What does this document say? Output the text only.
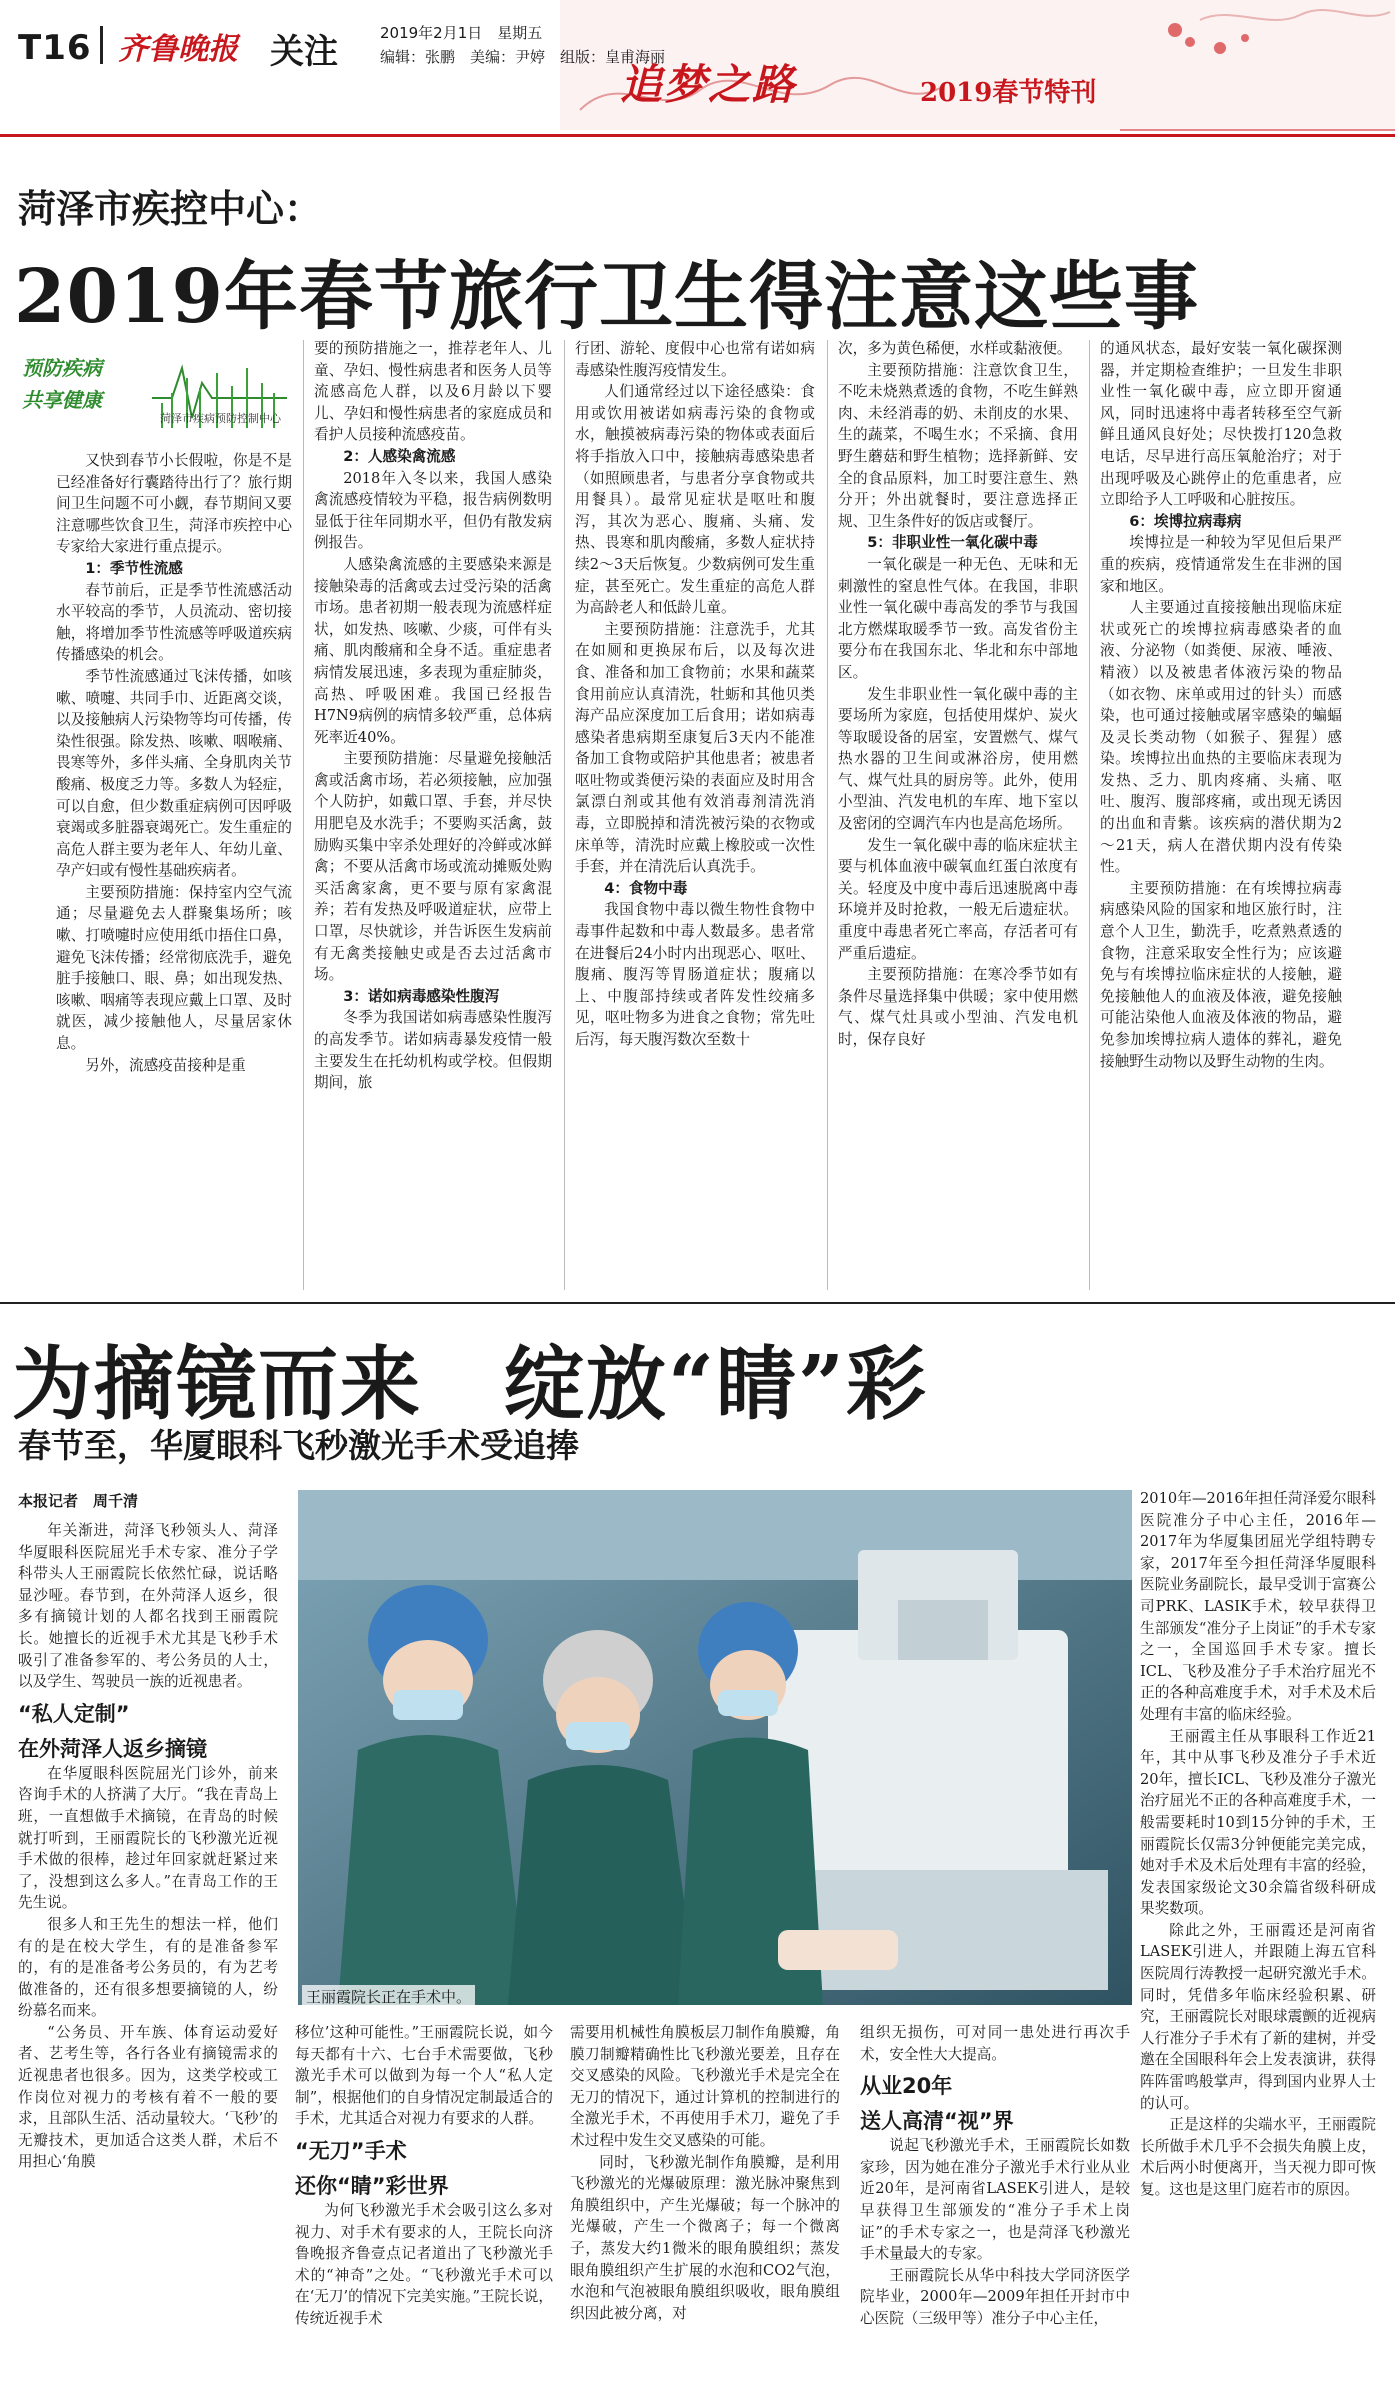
T16 齐鲁晚报 关注	2019年2月1日　星期五
编辑：张鹏　美编：尹婷　组版：皇甫海丽
追梦之路	2019春节特刊
菏泽市疾控中心：
2019年春节旅行卫生得注意这些事
预防疾病
共享健康
菏泽市疾病预防控制中心

又快到春节小长假啦，你是不是已经准备好行囊踏待出行了？旅行期间卫生问题不可小觑，春节期间又要注意哪些饮食卫生，菏泽市疾控中心专家给大家进行重点提示。

1：季节性流感

春节前后，正是季节性流感活动水平较高的季节，人员流动、密切接触，将增加季节性流感等呼吸道疾病传播感染的机会。

季节性流感通过飞沫传播，如咳嗽、喷嚏、共同手巾、近距离交谈，以及接触病人污染物等均可传播，传染性很强。除发热、咳嗽、咽喉痛、畏寒等外，多伴头痛、全身肌肉关节酸痛、极度乏力等。多数人为轻症，可以自愈，但少数重症病例可因呼吸衰竭或多脏器衰竭死亡。发生重症的高危人群主要为老年人、年幼儿童、孕产妇或有慢性基础疾病者。

主要预防措施：保持室内空气流通；尽量避免去人群聚集场所；咳嗽、打喷嚏时应使用纸巾捂住口鼻，避免飞沫传播；经常彻底洗手，避免脏手接触口、眼、鼻；如出现发热、咳嗽、咽痛等表现应戴上口罩、及时就医，减少接触他人，尽量居家休息。

另外，流感疫苗接种是重

要的预防措施之一，推荐老年人、儿童、孕妇、慢性病患者和医务人员等流感高危人群，以及6月龄以下婴儿、孕妇和慢性病患者的家庭成员和看护人员接种流感疫苗。

2：人感染禽流感

2018年入冬以来，我国人感染禽流感疫情较为平稳，报告病例数明显低于往年同期水平，但仍有散发病例报告。

人感染禽流感的主要感染来源是接触染毒的活禽或去过受污染的活禽市场。患者初期一般表现为流感样症状，如发热、咳嗽、少痰，可伴有头痛、肌肉酸痛和全身不适。重症患者病情发展迅速，多表现为重症肺炎，高热、呼吸困难。我国已经报告H7N9病例的病情多较严重，总体病死率近40%。

主要预防措施：尽量避免接触活禽或活禽市场，若必须接触，应加强个人防护，如戴口罩、手套，并尽快用肥皂及水洗手；不要购买活禽，鼓励购买集中宰杀处理好的冷鲜或冰鲜禽；不要从活禽市场或流动摊贩处购买活禽家禽，更不要与原有家禽混养；若有发热及呼吸道症状，应带上口罩，尽快就诊，并告诉医生发病前有无禽类接触史或是否去过活禽市场。

3：诺如病毒感染性腹泻

冬季为我国诺如病毒感染性腹泻的高发季节。诺如病毒暴发疫情一般主要发生在托幼机构或学校。但假期期间，旅

行团、游轮、度假中心也常有诺如病毒感染性腹泻疫情发生。

人们通常经过以下途径感染：食用或饮用被诺如病毒污染的食物或水，触摸被病毒污染的物体或表面后将手指放入口中，接触病毒感染患者（如照顾患者，与患者分享食物或共用餐具）。最常见症状是呕吐和腹泻，其次为恶心、腹痛、头痛、发热、畏寒和肌肉酸痛，多数人症状持续2～3天后恢复。少数病例可发生重症，甚至死亡。发生重症的高危人群为高龄老人和低龄儿童。

主要预防措施：注意洗手，尤其在如厕和更换尿布后，以及每次进食、准备和加工食物前；水果和蔬菜食用前应认真清洗，牡蛎和其他贝类海产品应深度加工后食用；诺如病毒感染者患病期至康复后3天内不能准备加工食物或陪护其他患者；被患者呕吐物或粪便污染的表面应及时用含氯漂白剂或其他有效消毒剂清洗消毒，立即脱掉和清洗被污染的衣物或床单等，清洗时应戴上橡胶或一次性手套，并在清洗后认真洗手。

4：食物中毒

我国食物中毒以微生物性食物中毒事件起数和中毒人数最多。患者常在进餐后24小时内出现恶心、呕吐、腹痛、腹泻等胃肠道症状；腹痛以上、中腹部持续或者阵发性绞痛多见，呕吐物多为进食之食物；常先吐后泻，每天腹泻数次至数十

次，多为黄色稀便，水样或黏液便。

主要预防措施：注意饮食卫生，不吃未烧熟煮透的食物，不吃生鲜熟肉、未经消毒的奶、未削皮的水果、生的蔬菜，不喝生水；不采摘、食用野生蘑菇和野生植物；选择新鲜、安全的食品原料，加工时要注意生、熟分开；外出就餐时，要注意选择正规、卫生条件好的饭店或餐厅。

5：非职业性一氧化碳中毒

一氧化碳是一种无色、无味和无刺激性的窒息性气体。在我国，非职业性一氧化碳中毒高发的季节与我国北方燃煤取暖季节一致。高发省份主要分布在我国东北、华北和东中部地区。

发生非职业性一氧化碳中毒的主要场所为家庭，包括使用煤炉、炭火等取暖设备的居室，安置燃气、煤气热水器的卫生间或淋浴房，使用燃气、煤气灶具的厨房等。此外，使用小型油、汽发电机的车库、地下室以及密闭的空调汽车内也是高危场所。

发生一氧化碳中毒的临床症状主要与机体血液中碳氧血红蛋白浓度有关。轻度及中度中毒后迅速脱离中毒环境并及时抢救，一般无后遗症状。重度中毒患者死亡率高，存活者可有严重后遗症。

主要预防措施：在寒冷季节如有条件尽量选择集中供暖；家中使用燃气、煤气灶具或小型油、汽发电机时，保存良好

的通风状态，最好安装一氧化碳探测器，并定期检查维护；一旦发生非职业性一氧化碳中毒，应立即开窗通风，同时迅速将中毒者转移至空气新鲜且通风良好处；尽快拨打120急救电话，尽早进行高压氧舱治疗；对于出现呼吸及心跳停止的危重患者，应立即给予人工呼吸和心脏按压。

6：埃博拉病毒病

埃博拉是一种较为罕见但后果严重的疾病，疫情通常发生在非洲的国家和地区。

人主要通过直接接触出现临床症状或死亡的埃博拉病毒感染者的血液、分泌物（如粪便、尿液、唾液、精液）以及被患者体液污染的物品（如衣物、床单或用过的针头）而感染，也可通过接触或屠宰感染的蝙蝠及灵长类动物（如猴子、猩猩）感染。埃博拉出血热的主要临床表现为发热、乏力、肌肉疼痛、头痛、呕吐、腹泻、腹部疼痛，或出现无诱因的出血和青紫。该疾病的潜伏期为2～21天，病人在潜伏期内没有传染性。

主要预防措施：在有埃博拉病毒病感染风险的国家和地区旅行时，注意个人卫生，勤洗手，吃煮熟煮透的食物，注意采取安全性行为；应该避免与有埃博拉临床症状的人接触，避免接触他人的血液及体液，避免接触可能沾染他人血液及体液的物品，避免参加埃博拉病人遗体的葬礼，避免接触野生动物以及野生动物的生肉。

为摘镜而来　绽放“睛”彩
春节至，华厦眼科飞秒激光手术受追捧
本报记者　周千清
王丽霞院长正在手术中。

年关渐进，菏泽飞秒领头人、菏泽华厦眼科医院屈光手术专家、准分子学科带头人王丽霞院长依然忙碌，说话略显沙哑。春节到，在外菏泽人返乡，很多有摘镜计划的人都名找到王丽霞院长。她擅长的近视手术尤其是飞秒手术吸引了准备参军的、考公务员的人士，以及学生、驾驶员一族的近视患者。

“私人定制”
在外菏泽人返乡摘镜

在华厦眼科医院屈光门诊外，前来咨询手术的人挤满了大厅。“我在青岛上班，一直想做手术摘镜，在青岛的时候就打听到，王丽霞院长的飞秒激光近视手术做的很棒，趁过年回家就赶紧过来了，没想到这么多人。”在青岛工作的王先生说。

很多人和王先生的想法一样，他们有的是在校大学生，有的是准备参军的，有的是准备考公务员的，有为艺考做准备的，还有很多想要摘镜的人，纷纷慕名而来。

“公务员、开车族、体育运动爱好者、艺考生等，各行各业有摘镜需求的近视患者也很多。因为，这类学校或工作岗位对视力的考核有着不一般的要求，且部队生活、活动量较大。‘飞秒’的无瓣技术，更加适合这类人群，术后不用担心‘角膜

移位’这种可能性。”王丽霞院长说，如今每天都有十六、七台手术需要做，飞秒激光手术可以做到为每一个人“私人定制”，根据他们的自身情况定制最适合的手术，尤其适合对视力有要求的人群。

“无刀”手术
还你“睛”彩世界

为何飞秒激光手术会吸引这么多对视力、对手术有要求的人，王院长向济鲁晚报齐鲁壹点记者道出了飞秒激光手术的“神奇”之处。“飞秒激光手术可以在‘无刀’的情况下完美实施。”王院长说，传统近视手术

需要用机械性角膜板层刀制作角膜瓣，角膜刀制瓣精确性比飞秒激光要差，且存在交叉感染的风险。飞秒激光手术是完全在无刀的情况下，通过计算机的控制进行的全激光手术，不再使用手术刀，避免了手术过程中发生交叉感染的可能。

同时，飞秒激光制作角膜瓣，是利用飞秒激光的光爆破原理：激光脉冲聚焦到角膜组织中，产生光爆破；每一个脉冲的光爆破，产生一个微离子；每一个微离子，蒸发大约1微米的眼角膜组织；蒸发眼角膜组织产生扩展的水泡和CO2气泡，水泡和气泡被眼角膜组织吸收，眼角膜组织因此被分离，对

组织无损伤，可对同一患处进行再次手术，安全性大大提高。

从业20年
送人高清“视”界

说起飞秒激光手术，王丽霞院长如数家珍，因为她在准分子激光手术行业从业近20年，是河南省LASEK引进人，是较早获得卫生部颁发的“准分子手术上岗证”的手术专家之一，也是菏泽飞秒激光手术量最大的专家。

王丽霞院长从华中科技大学同济医学院毕业，2000年—2009年担任开封市中心医院（三级甲等）准分子中心主任，

2010年—2016年担任菏泽爱尔眼科医院准分子中心主任，2016年—2017年为华厦集团屈光学组特聘专家，2017年至今担任菏泽华厦眼科医院业务副院长，最早受训于富赛公司PRK、LASIK手术，较早获得卫生部颁发“准分子上岗证”的手术专家之一，全国巡回手术专家。擅长ICL、飞秒及准分子手术治疗屈光不正的各种高难度手术，对手术及术后处理有丰富的临床经验。

王丽霞主任从事眼科工作近21年，其中从事飞秒及准分子手术近20年，擅长ICL、飞秒及准分子激光治疗屈光不正的各种高难度手术，一般需要耗时10到15分钟的手术，王丽霞院长仅需3分钟便能完美完成，她对手术及术后处理有丰富的经验，发表国家级论文30余篇省级科研成果奖数项。

除此之外，王丽霞还是河南省LASEK引进人，并跟随上海五官科医院周行涛教授一起研究激光手术。同时，凭借多年临床经验积累、研究，王丽霞院长对眼球震颤的近视病人行准分子手术有了新的建树，并受邀在全国眼科年会上发表演讲，获得阵阵雷鸣般掌声，得到国内业界人士的认可。

正是这样的尖端水平，王丽霞院长所做手术几乎不会损失角膜上皮，术后两小时便离开，当天视力即可恢复。这也是这里门庭若市的原因。
